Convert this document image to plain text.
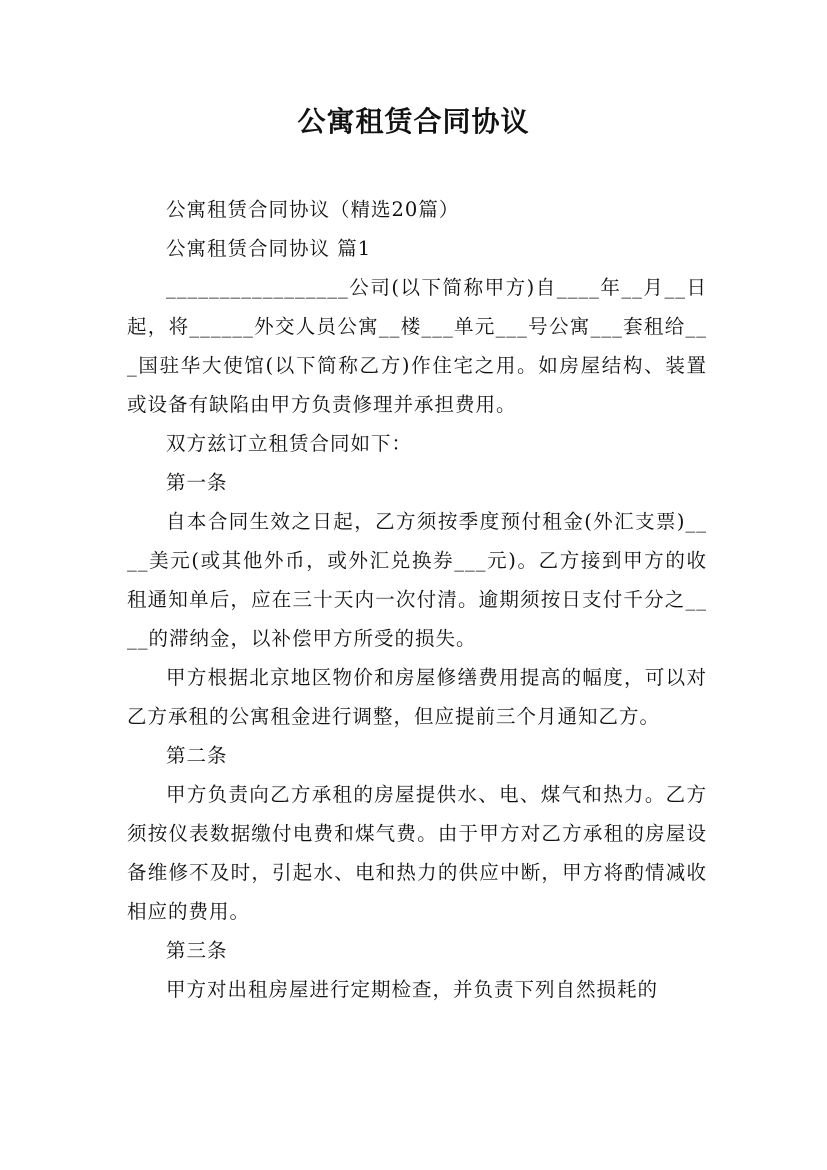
公寓租赁合同协议

公寓租赁合同协议（精选20篇）

公寓租赁合同协议 篇1

_________________公司(以下简称甲方)自____年__月__日起，将______外交人员公寓__楼___单元___号公寓___套租给___国驻华大使馆(以下简称乙方)作住宅之用。如房屋结构、装置或设备有缺陷由甲方负责修理并承担费用。

双方兹订立租赁合同如下：

第一条

自本合同生效之日起，乙方须按季度预付租金(外汇支票)____美元(或其他外币，或外汇兑换券___元)。乙方接到甲方的收租通知单后，应在三十天内一次付清。逾期须按日支付千分之____的滞纳金，以补偿甲方所受的损失。

甲方根据北京地区物价和房屋修缮费用提高的幅度，可以对乙方承租的公寓租金进行调整，但应提前三个月通知乙方。

第二条

甲方负责向乙方承租的房屋提供水、电、煤气和热力。乙方须按仪表数据缴付电费和煤气费。由于甲方对乙方承租的房屋设备维修不及时，引起水、电和热力的供应中断，甲方将酌情减收相应的费用。

第三条

甲方对出租房屋进行定期检查，并负责下列自然损耗的
